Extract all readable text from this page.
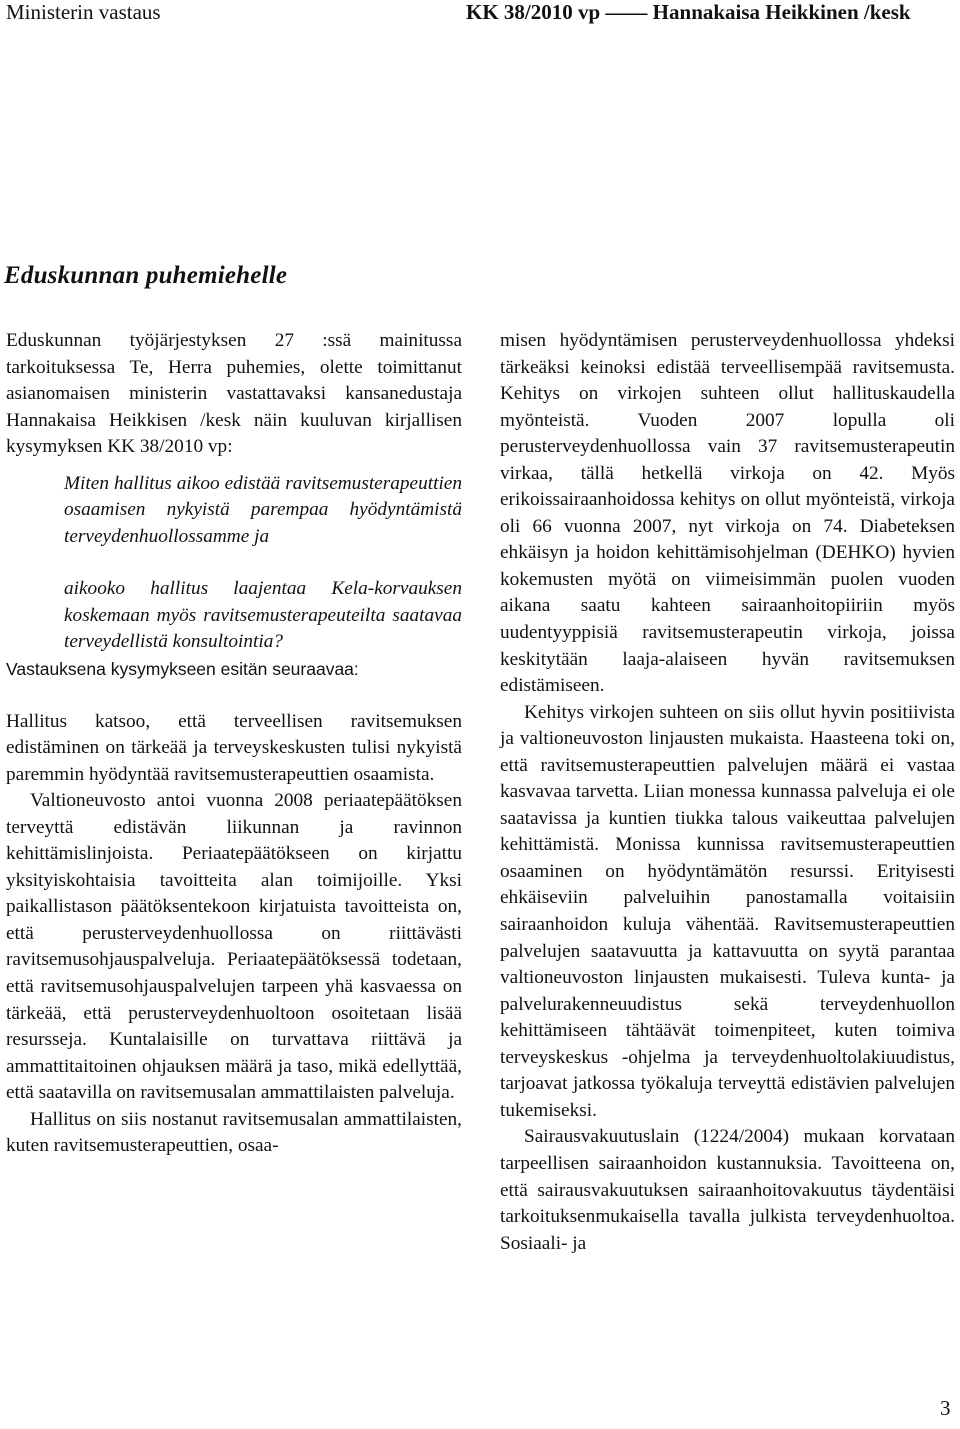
Ministerin vastaus	KK 38/2010 vp —— Hannakaisa Heikkinen /kesk
Eduskunnan puhemiehelle

Eduskunnan työjärjestyksen 27 :ssä mainitussa tarkoituksessa Te, Herra puhemies, olette toimittanut asianomaisen ministerin vastattavaksi kansanedustaja Hannakaisa Heikkisen /kesk näin kuuluvan kirjallisen kysymyksen KK 38/2010 vp:

Miten hallitus aikoo edistää ravitsemusterapeuttien osaamisen nykyistä parempaa hyödyntämistä terveydenhuollossamme ja

aikooko hallitus laajentaa Kela-korvauksen koskemaan myös ravitsemusterapeuteilta saatavaa terveydellistä konsultointia?

Vastauksena kysymykseen esitän seuraavaa:

Hallitus katsoo, että terveellisen ravitsemuksen edistäminen on tärkeää ja terveyskeskusten tulisi nykyistä paremmin hyödyntää ravitsemusterapeuttien osaamista.

Valtioneuvosto antoi vuonna 2008 periaatepäätöksen terveyttä edistävän liikunnan ja ravinnon kehittämislinjoista. Periaatepäätökseen on kirjattu yksityiskohtaisia tavoitteita alan toimijoille. Yksi paikallistason päätöksentekoon kirjatuista tavoitteista on, että perusterveydenhuollossa on riittävästi ravitsemusohjauspalveluja. Periaatepäätöksessä todetaan, että ravitsemusohjauspalvelujen tarpeen yhä kasvaessa on tärkeää, että perusterveydenhuoltoon osoitetaan lisää resursseja. Kuntalaisille on turvattava riittävä ja ammattitaitoinen ohjauksen määrä ja taso, mikä edellyttää, että saatavilla on ravitsemusalan ammattilaisten palveluja.

Hallitus on siis nostanut ravitsemusalan ammattilaisten, kuten ravitsemusterapeuttien, osaa-

misen hyödyntämisen perusterveydenhuollossa yhdeksi tärkeäksi keinoksi edistää terveellisempää ravitsemusta. Kehitys on virkojen suhteen ollut hallituskaudella myönteistä. Vuoden 2007 lopulla oli perusterveydenhuollossa vain 37 ravitsemusterapeutin virkaa, tällä hetkellä virkoja on 42. Myös erikoissairaanhoidossa kehitys on ollut myönteistä, virkoja oli 66 vuonna 2007, nyt virkoja on 74. Diabeteksen ehkäisyn ja hoidon kehittämisohjelman (DEHKO) hyvien kokemusten myötä on viimeisimmän puolen vuoden aikana saatu kahteen sairaanhoitopiiriin myös uudentyyppisiä ravitsemusterapeutin virkoja, joissa keskitytään laaja-alaiseen hyvän ravitsemuksen edistämiseen.

Kehitys virkojen suhteen on siis ollut hyvin positiivista ja valtioneuvoston linjausten mukaista. Haasteena toki on, että ravitsemusterapeuttien palvelujen määrä ei vastaa kasvavaa tarvetta. Liian monessa kunnassa palveluja ei ole saatavissa ja kuntien tiukka talous vaikeuttaa palvelujen kehittämistä. Monissa kunnissa ravitsemusterapeuttien osaaminen on hyödyntämätön resurssi. Erityisesti ehkäiseviin palveluihin panostamalla voitaisiin sairaanhoidon kuluja vähentää. Ravitsemusterapeuttien palvelujen saatavuutta ja kattavuutta on syytä parantaa valtioneuvoston linjausten mukaisesti. Tuleva kunta- ja palvelurakenneuudistus sekä terveydenhuollon kehittämiseen tähtäävät toimenpiteet, kuten toimiva terveyskeskus -ohjelma ja terveydenhuoltolakiuudistus, tarjoavat jatkossa työkaluja terveyttä edistävien palvelujen tukemiseksi.

Sairausvakuutuslain (1224/2004) mukaan korvataan tarpeellisen sairaanhoidon kustannuksia. Tavoitteena on, että sairausvakuutuksen sairaanhoitovakuutus täydentäisi tarkoituksenmukaisella tavalla julkista terveydenhuoltoa. Sosiaali- ja

3
